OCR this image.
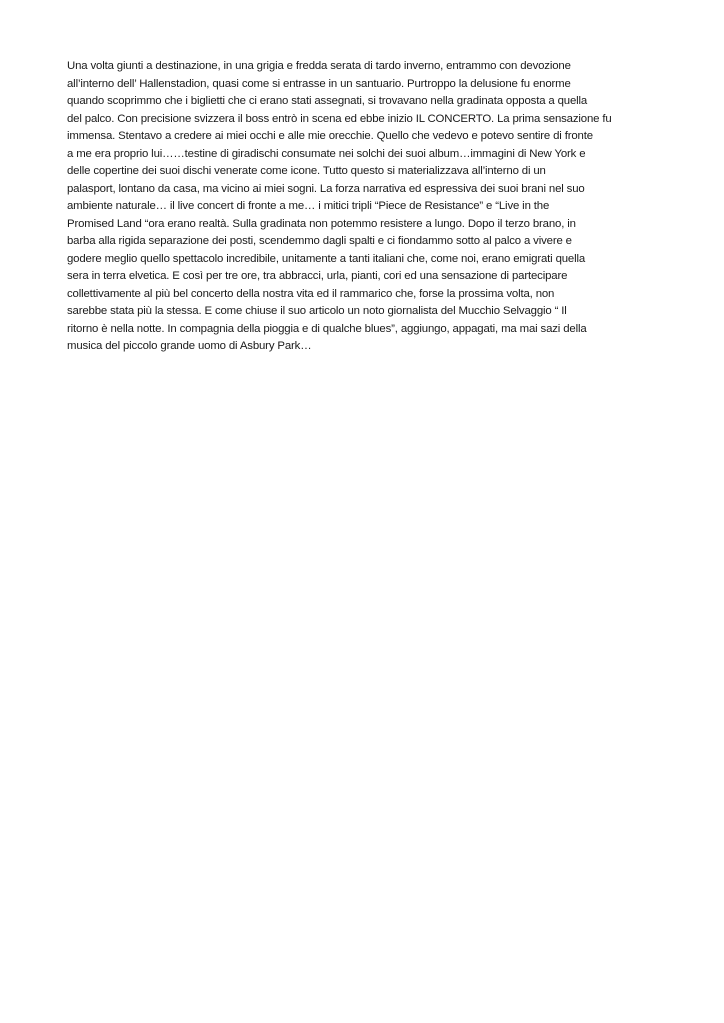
Una volta giunti a destinazione, in una grigia e fredda serata di tardo inverno, entrammo con devozione
all’interno dell’ Hallenstadion, quasi come si entrasse in un santuario. Purtroppo la delusione fu enorme
quando scoprimmo che i biglietti che ci erano stati assegnati, si trovavano nella gradinata opposta a quella
del palco. Con precisione svizzera il boss entrò in scena ed ebbe inizio IL CONCERTO. La prima sensazione fu
immensa. Stentavo a credere ai miei occhi e alle mie orecchie. Quello che vedevo e potevo sentire di fronte
a me era proprio lui……testine di giradischi consumate nei solchi dei suoi album…immagini di New York e
delle copertine dei suoi dischi venerate come icone. Tutto questo si materializzava all’interno di un
palasport, lontano da casa, ma vicino ai miei sogni. La forza narrativa ed espressiva dei suoi brani nel suo
ambiente naturale… il live concert di fronte a me… i mitici tripli “Piece de Resistance” e “Live in the
Promised Land “ora erano realtà. Sulla gradinata non potemmo resistere a lungo. Dopo il terzo brano, in
barba alla rigida separazione dei posti, scendemmo dagli spalti e ci fiondammo sotto al palco a vivere e
godere meglio quello spettacolo incredibile, unitamente a tanti italiani che, come noi, erano emigrati quella
sera in terra elvetica. E così per tre ore, tra abbracci, urla, pianti, cori ed una sensazione di partecipare
collettivamente al più bel concerto della nostra vita ed il rammarico che, forse la prossima volta, non
sarebbe stata più la stessa. E come chiuse il suo articolo un noto giornalista del Mucchio Selvaggio “ Il
ritorno è nella notte. In compagnia della pioggia e di qualche blues”, aggiungo, appagati, ma mai sazi della
musica del piccolo grande uomo di Asbury Park…
